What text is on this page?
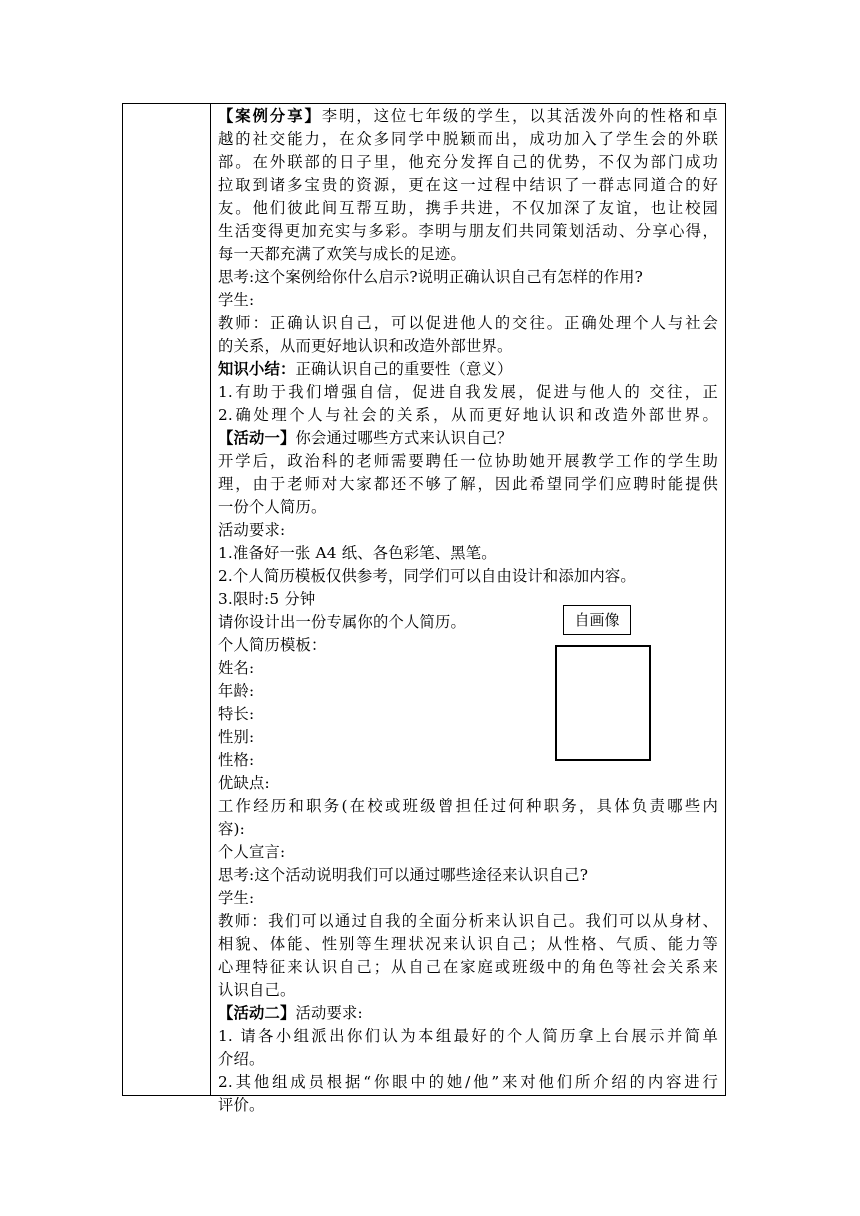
【案例分享】李明，这位七年级的学生，以其活泼外向的性格和卓
越的社交能力，在众多同学中脱颖而出，成功加入了学生会的外联
部。在外联部的日子里，他充分发挥自己的优势，不仅为部门成功
拉取到诸多宝贵的资源，更在这一过程中结识了一群志同道合的好
友。他们彼此间互帮互助，携手共进，不仅加深了友谊，也让校园
生活变得更加充实与多彩。李明与朋友们共同策划活动、分享心得，
每一天都充满了欢笑与成长的足迹。
思考:这个案例给你什么启示?说明正确认识自己有怎样的作用?
学生:
教师：正确认识自己，可以促进他人的交往。正确处理个人与社会
的关系，从而更好地认识和改造外部世界。
知识小结：正确认识自己的重要性（意义）
1.有助于我们增强自信，促进自我发展，促进与他人的 交往，正
2.确处理个人与社会的关系，从而更好地认识和改造外部世界。
【活动一】你会通过哪些方式来认识自己？
开学后，政治科的老师需要聘任一位协助她开展教学工作的学生助
理，由于老师对大家都还不够了解，因此希望同学们应聘时能提供
一份个人简历。
活动要求:
1.准备好一张 A4 纸、各色彩笔、黑笔。
2.个人简历模板仅供参考，同学们可以自由设计和添加内容。
3.限时:5 分钟
请你设计出一份专属你的个人简历。
个人简历模板：
姓名:
年龄:
特长:
性别:
性格:
优缺点:
工作经历和职务(在校或班级曾担任过何种职务，具体负责哪些内
容):
个人宣言:
思考:这个活动说明我们可以通过哪些途径来认识自己?
学生:
教师：我们可以通过自我的全面分析来认识自己。我们可以从身材、
相貌、体能、性别等生理状况来认识自己；从性格、气质、能力等
心理特征来认识自己；从自己在家庭或班级中的角色等社会关系来
认识自己。
【活动二】活动要求:
1. 请各小组派出你们认为本组最好的个人简历拿上台展示并简单
介绍。
2.其他组成员根据“你眼中的她/他”来对他们所介绍的内容进行
评价。
自画像
